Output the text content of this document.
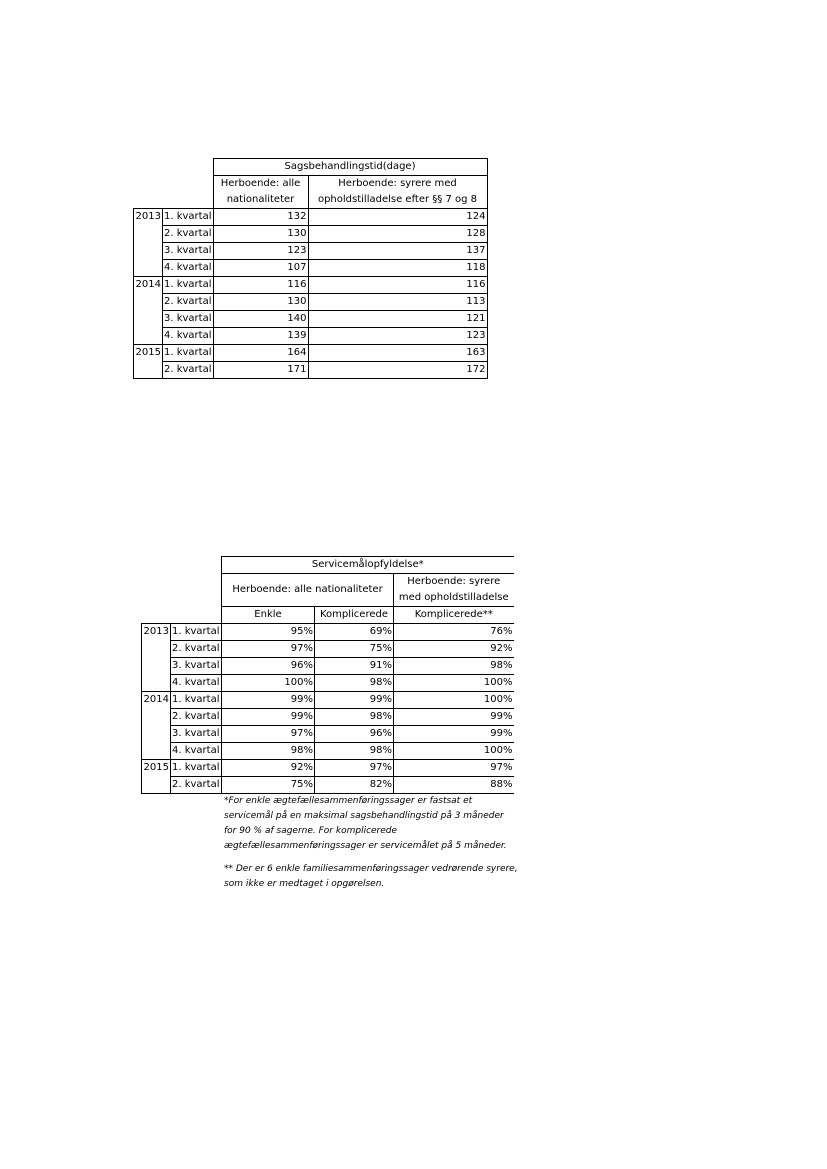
		Sagsbehandlingstid(dage)	
		Herboende: alle	Herboende: syrere med
		nationaliteter	opholdstilladelse efter §§ 7 og 8
2013	1. kvartal	132	124
	2. kvartal	130	128
	3. kvartal	123	137
	4. kvartal	107	118
2014	1. kvartal	116	116
	2. kvartal	130	113
	3. kvartal	140	121
	4. kvartal	139	123
2015	1. kvartal	164	163
	2. kvartal	171	172
		Servicemålopfyldelse*		
		Herboende: alle nationaliteter		Herboende: syrere
				med opholdstilladelse
		Enkle	Komplicerede	Komplicerede**
2013	1. kvartal	95%	69%	76%
	2. kvartal	97%	75%	92%
	3. kvartal	96%	91%	98%
	4. kvartal	100%	98%	100%
2014	1. kvartal	99%	99%	100%
	2. kvartal	99%	98%	99%
	3. kvartal	97%	96%	99%
	4. kvartal	98%	98%	100%
2015	1. kvartal	92%	97%	97%
	2. kvartal	75%	82%	88%

*For enkle ægtefællesammenføringssager er fastsat et
servicemål på en maksimal sagsbehandlingstid på 3 måneder
for 90 % af sagerne. For komplicerede
ægtefællesammenføringssager er servicemålet på 5 måneder.

** Der er 6 enkle familiesammenføringssager vedrørende syrere,
som ikke er medtaget i opgørelsen.
